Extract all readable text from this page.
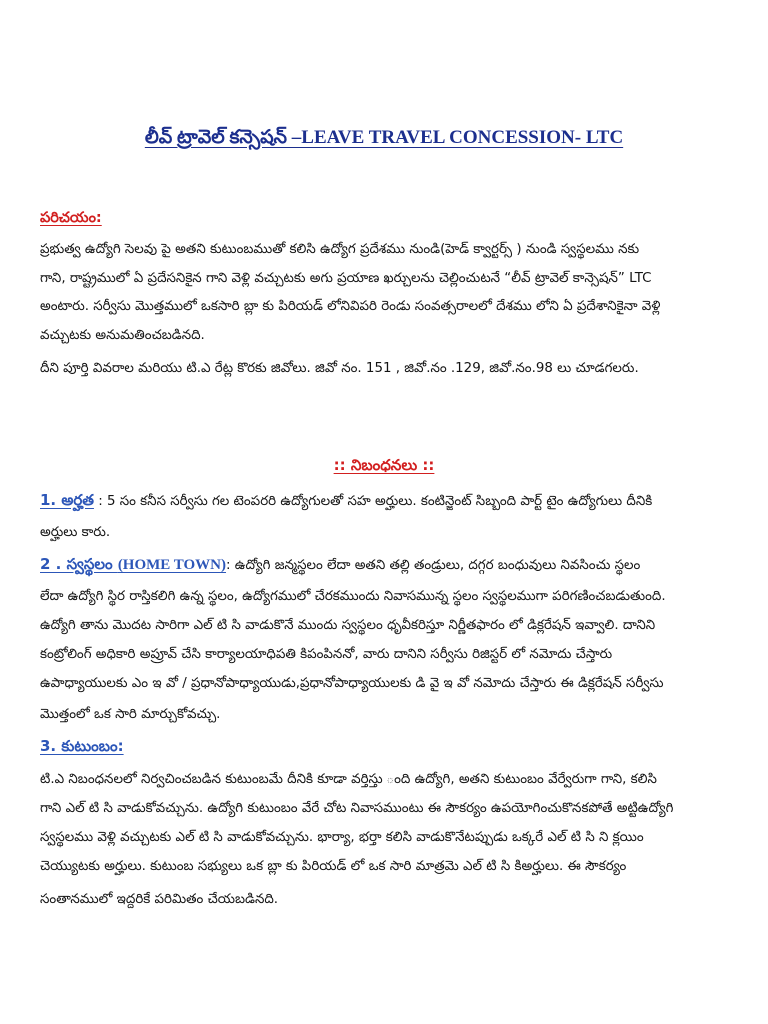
లీవ్ ట్రావెల్ కన్సెషన్ –LEAVE TRAVEL CONCESSION- LTC
పరిచయం:
ప్రభుత్వ ఉద్యోగి సెలవు పై అతని కుటుంబముతో కలిసి ఉద్యోగ ప్రదేశము నుండి(హెడ్ క్వార్టర్స్ ) నుండి స్వస్థలము నకు
గాని, రాష్ట్రములో ఏ ప్రదేసనికైన గాని వెళ్లి వచ్చుటకు అగు ప్రయాణ ఖర్చులను చెల్లించుటనే “లీవ్ ట్రావెల్ కాన్సెషన్” LTC
అంటారు. సర్వీసు మొత్తములో ఒకసారి బ్లా కు పిరియడ్ లోనివిపరి రెండు సంవత్సరాలలో దేశము లోని ఏ ప్రదేశానికైనా వెళ్లి
వచ్చుటకు అనుమతించబడినది.
దీని పూర్తి వివరాల మరియు టి.ఎ రేట్ల కొరకు జివోలు. జివో నం. 151 , జివో.నం .129, జివో.నం.98 లు చూడగలరు.
:: నిబంధనలు ::
1. అర్హత : 5 సం కనీస సర్వీసు గల టెంపరరి ఉద్యోగులతో సహ అర్హులు. కంటిన్జెంట్ సిబ్బంది పార్ట్ టైం ఉద్యోగులు దీనికి
అర్హులు కారు.
2 . స్వస్థలం (HOME TOWN): ఉద్యోగి జన్మస్థలం లేదా అతని తల్లి తండ్రులు, దగ్గర బంధువులు నివసించు స్థలం
లేదా ఉద్యోగి స్థిర రాస్తికలిగి ఉన్న స్థలం, ఉద్యోగములో చేరకముందు నివాసమున్న స్థలం స్వస్థలముగా పరిగణించబడుతుంది.
ఉద్యోగి తాను మొదట సారిగా ఎల్ టి సి వాడుకొనే ముందు స్వస్థలం ధృవీకరిస్తూ నిర్ణీతఫారం లో డిక్లరేషన్ ఇవ్వాలి. దానిని
కంట్రోలింగ్ అధికారి అప్రూవ్ చేసి కార్యాలయాధిపతి కిపంపిననో, వారు దానిని సర్వీసు రిజిస్టర్ లో నమోదు చేస్తారు
ఉపాధ్యాయులకు ఎం ఇ వో / ప్రధానోపాధ్యాయుడు,ప్రధానోపాధ్యాయులకు డి వై ఇ వో నమోదు చేస్తారు ఈ డిక్లరేషన్ సర్వీసు
మొత్తంలో ఒక సారి మార్చుకోవచ్చు.
3. కుటుంబం:
టి.ఎ నిబంధనలలో నిర్వచించబడిన కుటుంబమే దీనికి కూడా వర్తిస్తు ంది ఉద్యోగి, అతని కుటుంబం వేర్వేరుగా గాని, కలిసి
గాని ఎల్ టి సి వాడుకోవచ్చును. ఉద్యోగి కుటుంబం వేరే చోట నివాసముంటు ఈ సౌకర్యం ఉపయోగించుకొనకపోతే అట్టిఉద్యోగి
స్వస్థలము వెళ్లి వచ్చుటకు ఎల్ టి సి వాడుకోవచ్చును. భార్యా, భర్తా కలిసి వాడుకొనేటప్పుడు ఒక్కరే ఎల్ టి సి ని క్లయిం
చెయ్యుటకు అర్హులు. కుటుంబ సభ్యులు ఒక బ్లా కు పిరియడ్ లో ఒక సారి మాత్రమె ఎల్ టి సి కిఅర్హులు. ఈ సౌకర్యం
సంతానములో ఇద్దరికే పరిమితం చేయబడినది.
